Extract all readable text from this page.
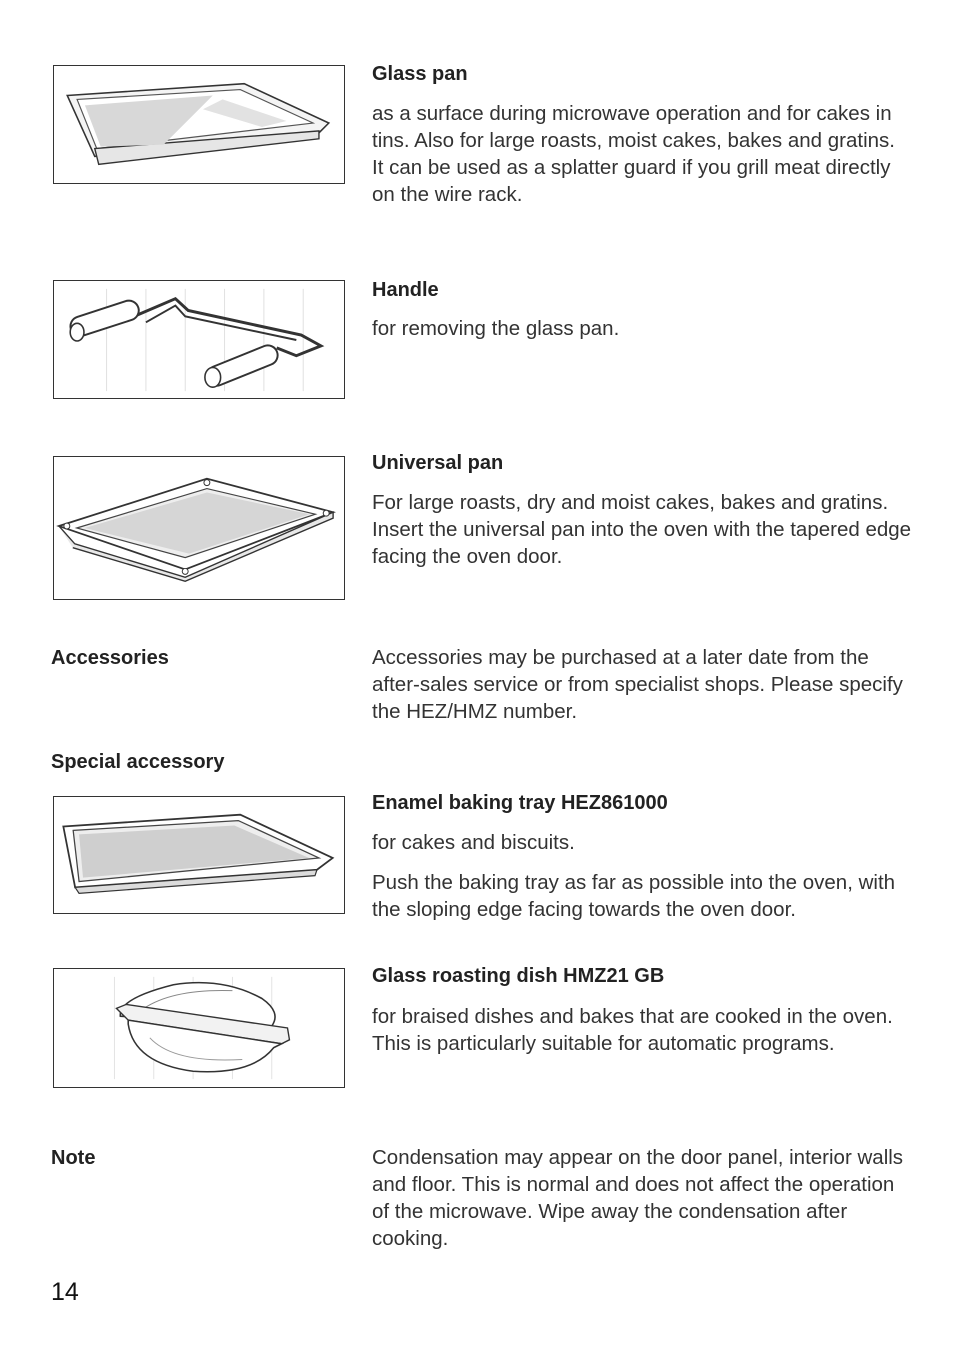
Glass pan

as a surface during microwave operation and for cakes in tins. Also for large roasts, moist cakes, bakes and gratins.

It can be used as a splatter guard if you grill meat directly on the wire rack.

Handle

for removing the glass pan.

Universal pan

For large roasts, dry and moist cakes, bakes and gratins.

Insert the universal pan into the oven with the tapered edge facing the oven door.

Accessories	Accessories may be purchased at a later date from the after-sales service or from specialist shops. Please specify the HEZ/HMZ number.

Special accessory
Enamel baking tray HEZ861000

for cakes and biscuits.

Push the baking tray as far as possible into the oven, with the sloping edge facing towards the oven door.

Glass roasting dish HMZ21 GB

for braised dishes and bakes that are cooked in the oven. This is particularly suitable for automatic programs.

Note	Condensation may appear on the door panel, interior walls and floor. This is normal and does not affect the operation of the microwave. Wipe away the condensation after cooking.

14
